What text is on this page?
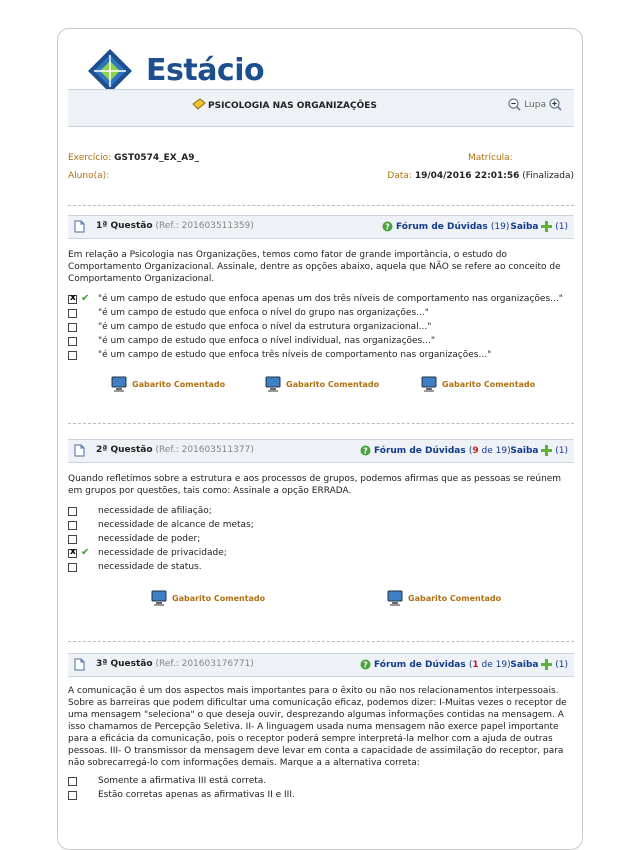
Estácio
PSICOLOGIA NAS ORGANIZAÇÕES	Lupa
Exercício: GST0574_EX_A9_	Matrícula:
Aluno(a):	Data: 19/04/2016 22:01:56 (Finalizada)
1ª Questão (Ref.: 201603511359)	? Fórum de Dúvidas (19) Saiba (1)
Em relação a Psicologia nas Organizações, temos como fator de grande importância, o estudo do Comportamento Organizacional. Assinale, dentre as opções abaixo, aquela que NÃO se refere ao conceito de Comportamento Organizacional.
x
✔ "é um campo de estudo que enfoca apenas um dos três níveis de comportamento nas organizações..."
"é um campo de estudo que enfoca o nível do grupo nas organizações..."
"é um campo de estudo que enfoca o nível da estrutura organizacional..."
"é um campo de estudo que enfoca o nível individual, nas organizações..."
"é um campo de estudo que enfoca três níveis de comportamento nas organizações..."
Gabarito Comentado	Gabarito Comentado	Gabarito Comentado
2ª Questão (Ref.: 201603511377)	? Fórum de Dúvidas (9 de 19) Saiba (1)
Quando refletimos sobre a estrutura e aos processos de grupos, podemos afirmas que as pessoas se reúnem em grupos por questões, tais como: Assinale a opção ERRADA.
necessidade de afiliação;
necessidade de alcance de metas;
necessidade de poder;
x
✔ necessidade de privacidade;
necessidade de status.
Gabarito Comentado	Gabarito Comentado
3ª Questão (Ref.: 201603176771)	? Fórum de Dúvidas (1 de 19) Saiba (1)
A comunicação é um dos aspectos mais importantes para o êxito ou não nos relacionamentos interpessoais. Sobre as barreiras que podem dificultar uma comunicação eficaz, podemos dizer: I-Muitas vezes o receptor de uma mensagem "seleciona" o que deseja ouvir, desprezando algumas informações contidas na mensagem. A isso chamamos de Percepção Seletiva. II- A linguagem usada numa mensagem não exerce papel importante para a eficácia da comunicação, pois o receptor poderá sempre interpretá-la melhor com a ajuda de outras pessoas. III- O transmissor da mensagem deve levar em conta a capacidade de assimilação do receptor, para não sobrecarregá-lo com informações demais. Marque a a alternativa correta:
Somente a afirmativa III está correta.
Estão corretas apenas as afirmativas II e III.
